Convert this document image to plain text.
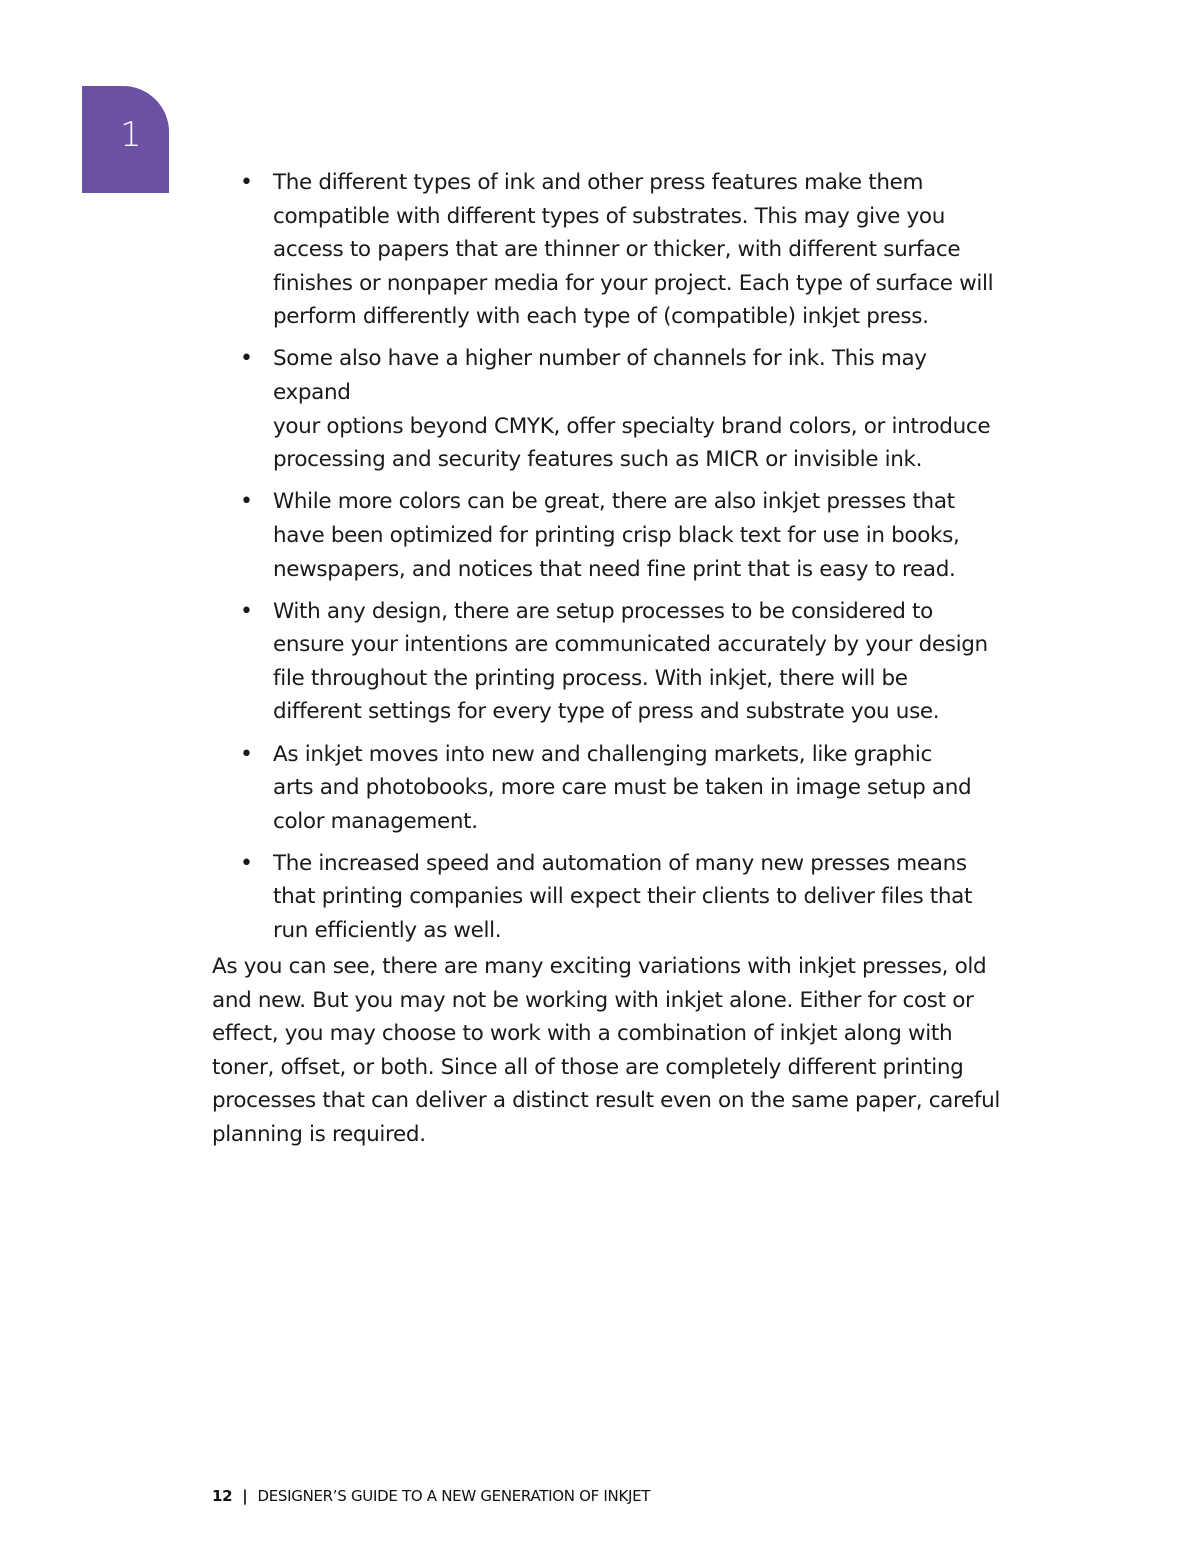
1
• The different types of ink and other press features make them
compatible with different types of substrates. This may give you
access to papers that are thinner or thicker, with different surface
finishes or nonpaper media for your project. Each type of surface will
perform differently with each type of (compatible) inkjet press.
• Some also have a higher number of channels for ink. This may expand
your options beyond CMYK, offer specialty brand colors, or introduce
processing and security features such as MICR or invisible ink.
• While more colors can be great, there are also inkjet presses that
have been optimized for printing crisp black text for use in books,
newspapers, and notices that need fine print that is easy to read.
• With any design, there are setup processes to be considered to
ensure your intentions are communicated accurately by your design
file throughout the printing process. With inkjet, there will be
different settings for every type of press and substrate you use.
• As inkjet moves into new and challenging markets, like graphic
arts and photobooks, more care must be taken in image setup and
color management.
• The increased speed and automation of many new presses means
that printing companies will expect their clients to deliver files that
run efficiently as well.
As you can see, there are many exciting variations with inkjet presses, old
and new. But you may not be working with inkjet alone. Either for cost or
effect, you may choose to work with a combination of inkjet along with
toner, offset, or both. Since all of those are completely different printing
processes that can deliver a distinct result even on the same paper, careful
planning is required.
12 | DESIGNER’S GUIDE TO A NEW GENERATION OF INKJET
